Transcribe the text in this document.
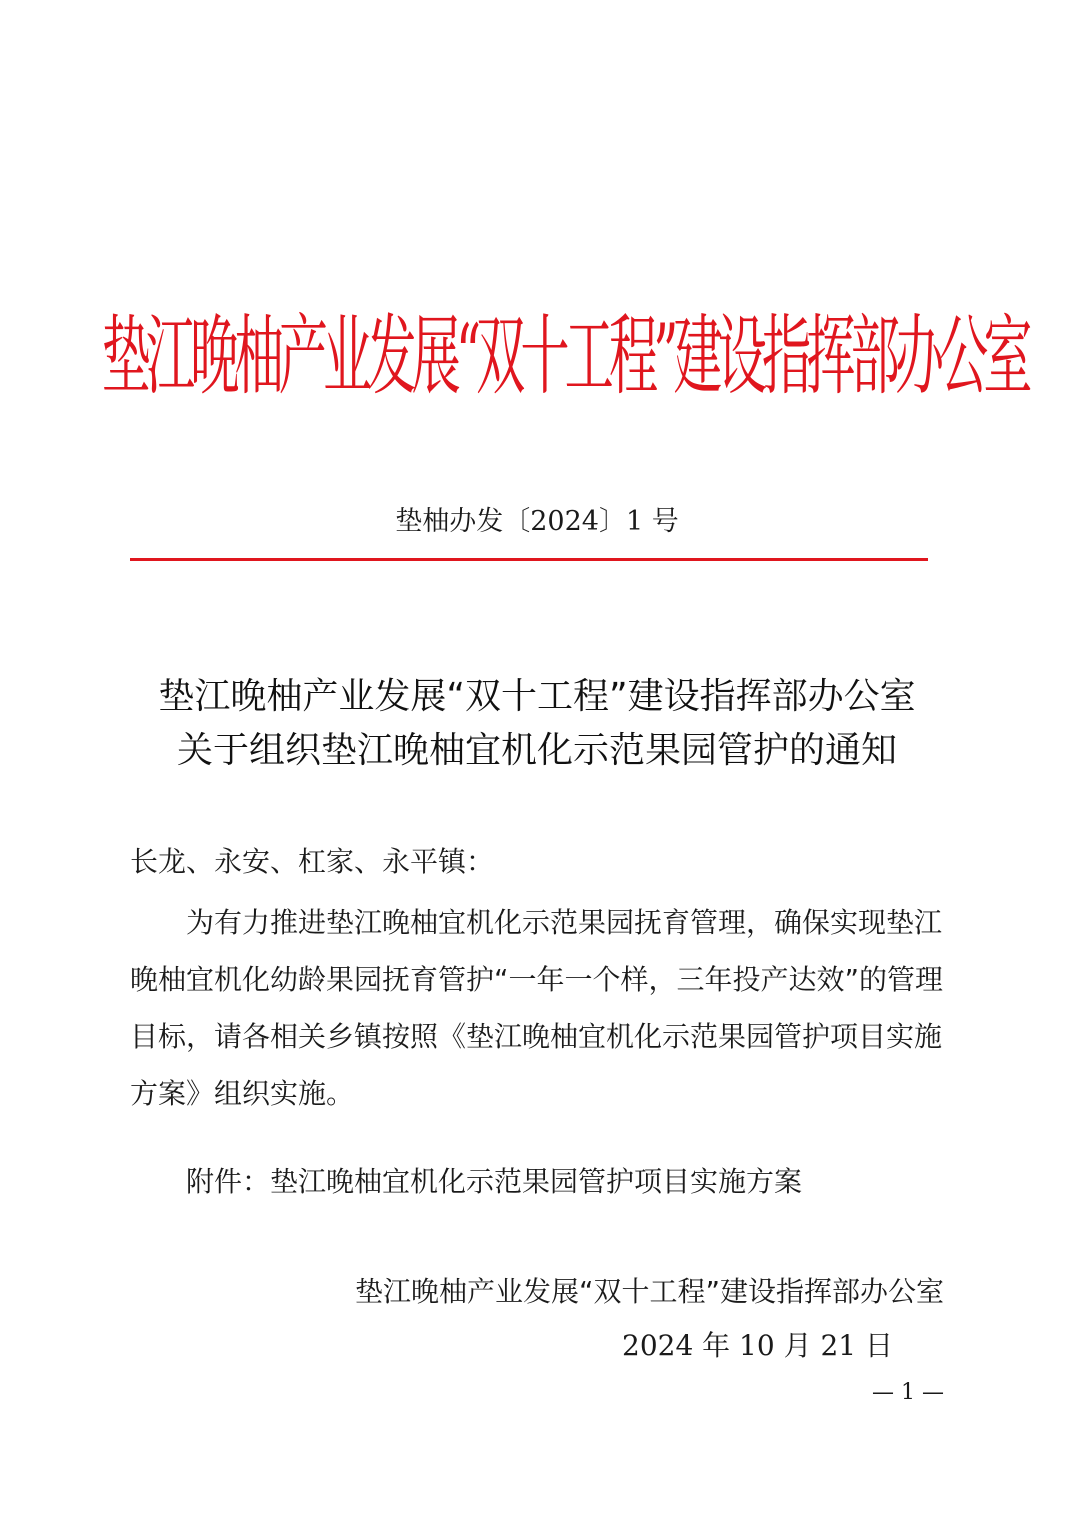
垫江晚柚产业发展“双十工程”建设指挥部办公室
垫柚办发〔2024〕1 号
垫江晚柚产业发展“双十工程”建设指挥部办公室
关于组织垫江晚柚宜机化示范果园管护的通知
长龙、永安、杠家、永平镇：
为有力推进垫江晚柚宜机化示范果园抚育管理，确保实现垫江晚柚宜机化幼龄果园抚育管护“一年一个样，三年投产达效”的管理目标，请各相关乡镇按照《垫江晚柚宜机化示范果园管护项目实施方案》组织实施。
附件：垫江晚柚宜机化示范果园管护项目实施方案
垫江晚柚产业发展“双十工程”建设指挥部办公室
2024 年 10 月 21 日
— 1 —
